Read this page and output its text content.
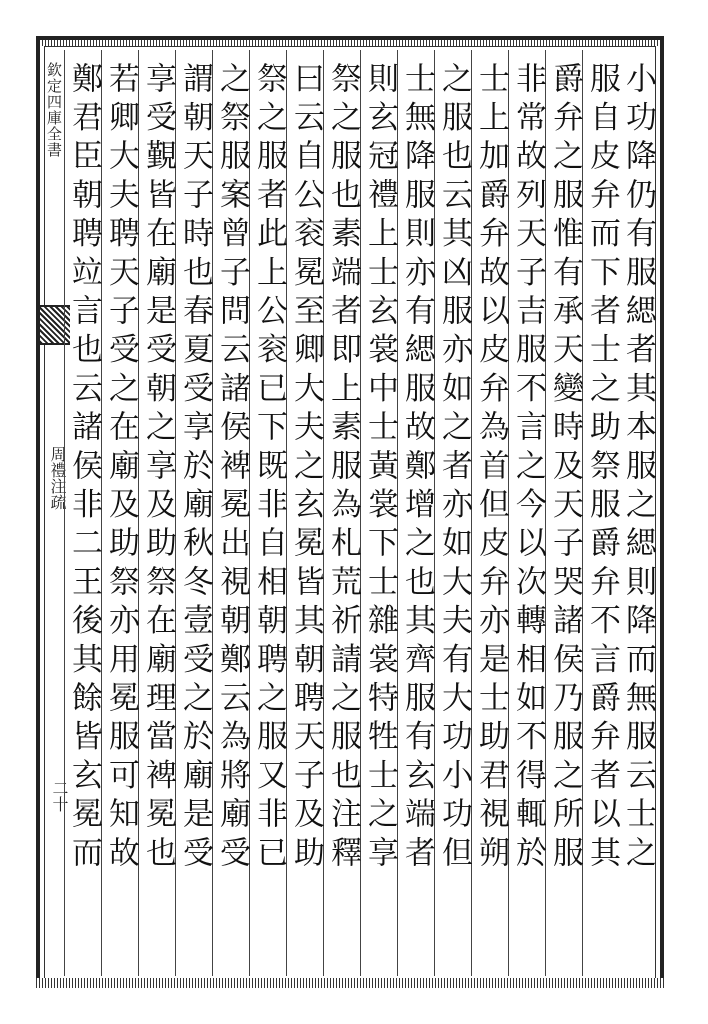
欽定四庫全書
周禮注疏
二十	小功降仍有服緦者其本服之緦則降而無服云士之
服自皮弁而下者士之助祭服爵弁不言爵弁者以其
爵弁之服惟有承天變時及天子哭諸侯乃服之所服
非常故列天子吉服不言之今以次轉相如不得輒於
士上加爵弁故以皮弁為首但皮弁亦是士助君視朔
之服也云其凶服亦如之者亦如大夫有大功小功但
士無降服則亦有緦服故鄭增之也其齊服有玄端者
則玄冠禮上士玄裳中士黃裳下士雜裳特牲士之享
祭之服也素端者即上素服為札荒祈請之服也注釋
曰云自公衮冕至卿大夫之玄冕皆其朝聘天子及助
祭之服者此上公衮已下既非自相朝聘之服又非已
之祭服案曾子問云諸侯裨冕出視朝鄭云為將廟受
謂朝天子時也春夏受享於廟秋冬壹受之於廟是受
享受覲皆在廟是受朝之享及助祭在廟理當裨冕也
若卿大夫聘天子受之在廟及助祭亦用冕服可知故
鄭君臣朝聘竝言也云諸侯非二王後其餘皆玄冕而
